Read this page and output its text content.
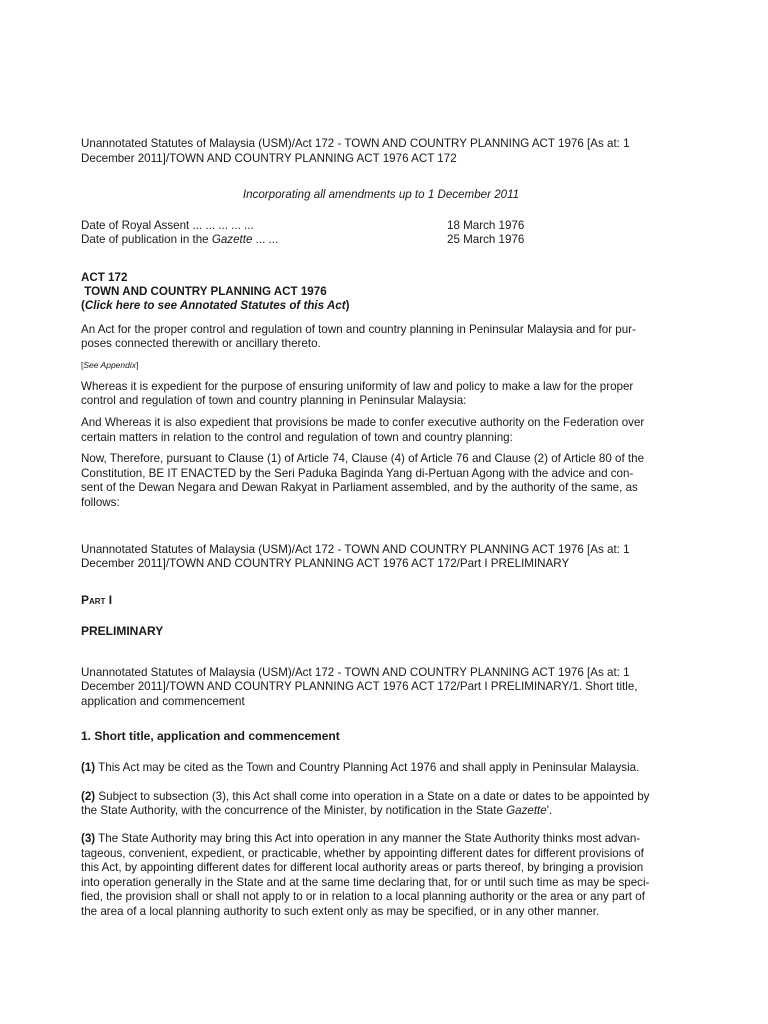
Unannotated Statutes of Malaysia (USM)/Act 172 - TOWN AND COUNTRY PLANNING ACT 1976 [As at: 1

December 2011]/TOWN AND COUNTRY PLANNING ACT 1976 ACT 172

Incorporating all amendments up to 1 December 2011

Date of Royal Assent ... ... ... ... ...	18 March 1976
Date of publication in the Gazette ... ...	25 March 1976

ACT 172

TOWN AND COUNTRY PLANNING ACT 1976

(Click here to see Annotated Statutes of this Act)

An Act for the proper control and regulation of town and country planning in Peninsular Malaysia and for pur-

poses connected therewith or ancillary thereto.

[See Appendix]

Whereas it is expedient for the purpose of ensuring uniformity of law and policy to make a law for the proper

control and regulation of town and country planning in Peninsular Malaysia:

And Whereas it is also expedient that provisions be made to confer executive authority on the Federation over

certain matters in relation to the control and regulation of town and country planning:

Now, Therefore, pursuant to Clause (1) of Article 74, Clause (4) of Article 76 and Clause (2) of Article 80 of the

Constitution, BE IT ENACTED by the Seri Paduka Baginda Yang di-Pertuan Agong with the advice and con-

sent of the Dewan Negara and Dewan Rakyat in Parliament assembled, and by the authority of the same, as

follows:

Unannotated Statutes of Malaysia (USM)/Act 172 - TOWN AND COUNTRY PLANNING ACT 1976 [As at: 1

December 2011]/TOWN AND COUNTRY PLANNING ACT 1976 ACT 172/Part I PRELIMINARY

Part I

PRELIMINARY

Unannotated Statutes of Malaysia (USM)/Act 172 - TOWN AND COUNTRY PLANNING ACT 1976 [As at: 1

December 2011]/TOWN AND COUNTRY PLANNING ACT 1976 ACT 172/Part I PRELIMINARY/1. Short title,

application and commencement

1. Short title, application and commencement

(1) This Act may be cited as the Town and Country Planning Act 1976 and shall apply in Peninsular Malaysia.

(2) Subject to subsection (3), this Act shall come into operation in a State on a date or dates to be appointed by

the State Authority, with the concurrence of the Minister, by notification in the State Gazette'.

(3) The State Authority may bring this Act into operation in any manner the State Authority thinks most advan-

tageous, convenient, expedient, or practicable, whether by appointing different dates for different provisions of

this Act, by appointing different dates for different local authority areas or parts thereof, by bringing a provision

into operation generally in the State and at the same time declaring that, for or until such time as may be speci-

fied, the provision shall or shall not apply to or in relation to a local planning authority or the area or any part of

the area of a local planning authority to such extent only as may be specified, or in any other manner.
